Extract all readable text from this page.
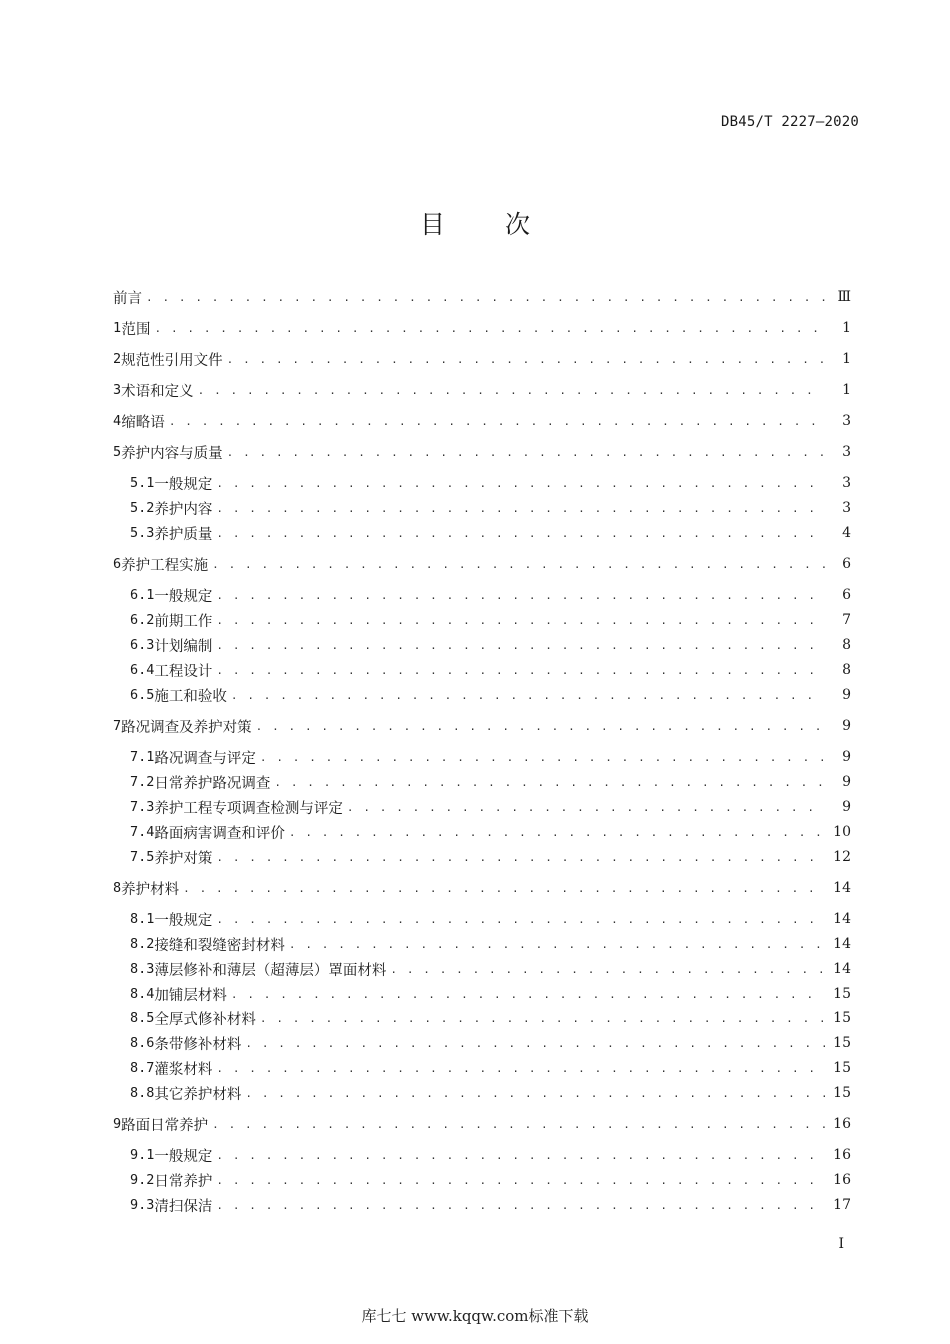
DB45/T 2227—2020
目 次
前言 . . .	Ⅲ
1 范围 . . .	1
2 规范性引用文件 . . .	1
3 术语和定义 . . .	1
4 缩略语 . . .	3
5 养护内容与质量 . . .	3
5.1 一般规定 . . .	3
5.2 养护内容 . . .	3
5.3 养护质量 . . .	4
6 养护工程实施 . . .	6
6.1 一般规定 . . .	6
6.2 前期工作 . . .	7
6.3 计划编制 . . .	8
6.4 工程设计 . . .	8
6.5 施工和验收 . . .	9
7 路况调查及养护对策 . . .	9
7.1 路况调查与评定 . . .	9
7.2 日常养护路况调查 . . .	9
7.3 养护工程专项调查检测与评定 . . .	9
7.4 路面病害调查和评价 . . .	10
7.5 养护对策 . . .	12
8 养护材料 . . .	14
8.1 一般规定 . . .	14
8.2 接缝和裂缝密封材料 . . .	14
8.3 薄层修补和薄层（超薄层）罩面材料 . . .	14
8.4 加铺层材料 . . .	15
8.5 全厚式修补材料 . . .	15
8.6 条带修补材料 . . .	15
8.7 灌浆材料 . . .	15
8.8 其它养护材料 . . .	15
9 路面日常养护 . . .	16
9.1 一般规定 . . .	16
9.2 日常养护 . . .	16
9.3 清扫保洁 . . .	17
I
库七七 www.kqqw.com标准下载
